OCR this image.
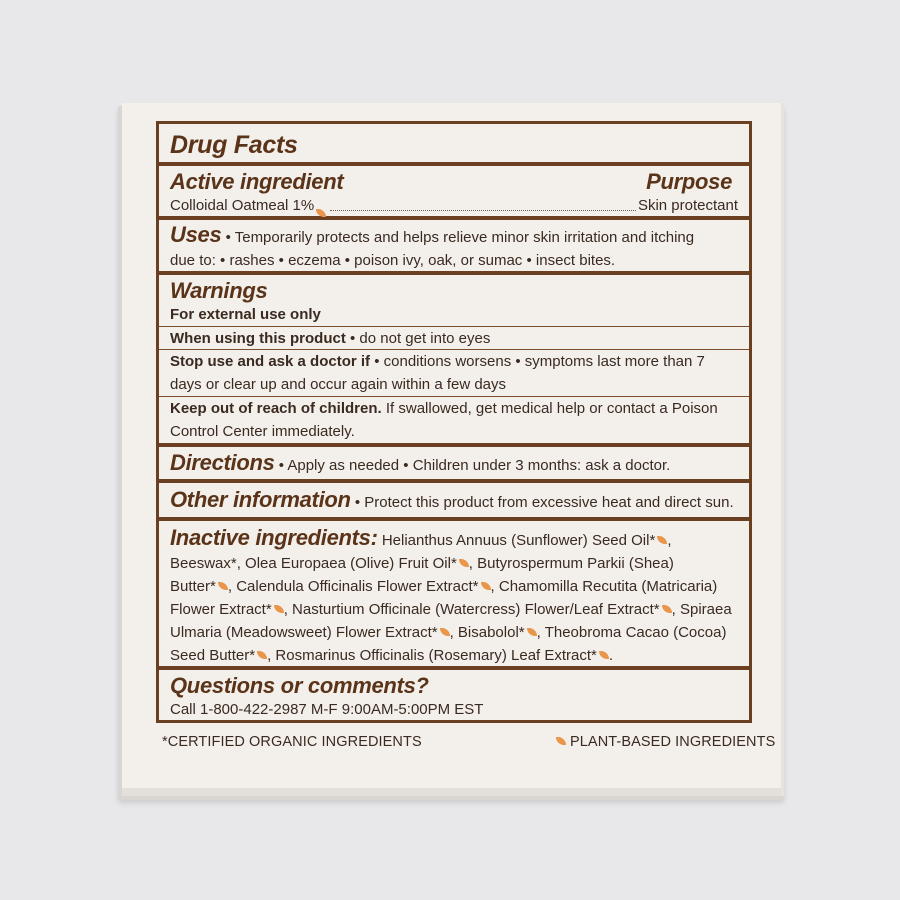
Drug Facts
Active ingredient	Purpose
Colloidal Oatmeal 1%	Skin protectant
Uses • Temporarily protects and helps relieve minor skin irritation and itching
due to: • rashes • eczema • poison ivy, oak, or sumac • insect bites.
Warnings
For external use only
When using this product • do not get into eyes
Stop use and ask a doctor if • conditions worsens • symptoms last more than 7
days or clear up and occur again within a few days
Keep out of reach of children. If swallowed, get medical help or contact a Poison
Control Center immediately.
Directions • Apply as needed • Children under 3 months: ask a doctor.
Other information • Protect this product from excessive heat and direct sun.
Inactive ingredients: Helianthus Annuus (Sunflower) Seed Oil* ,
Beeswax*, Olea Europaea (Olive) Fruit Oil* , Butyrospermum Parkii (Shea)
Butter* , Calendula Officinalis Flower Extract* , Chamomilla Recutita (Matricaria)
Flower Extract* , Nasturtium Officinale (Watercress) Flower/Leaf Extract* , Spiraea
Ulmaria (Meadowsweet) Flower Extract* , Bisabolol* , Theobroma Cacao (Cocoa)
Seed Butter* , Rosmarinus Officinalis (Rosemary) Leaf Extract* .
Questions or comments?
Call 1-800-422-2987 M-F 9:00AM-5:00PM EST
*CERTIFIED ORGANIC INGREDIENTS	PLANT-BASED INGREDIENTS
